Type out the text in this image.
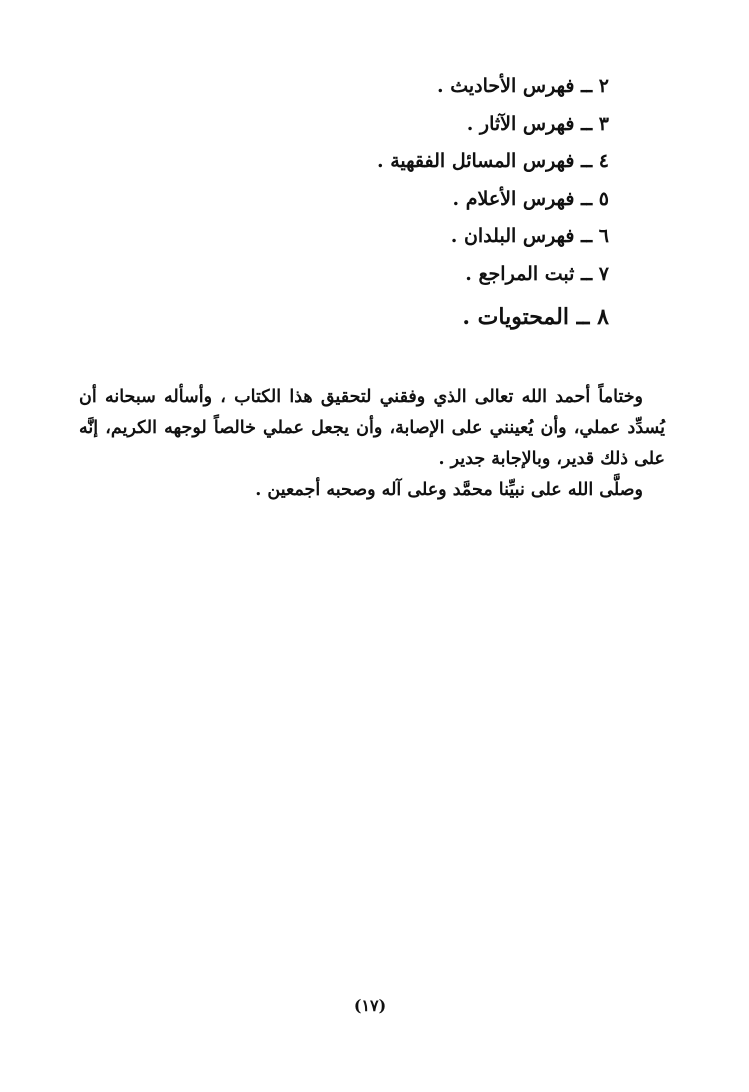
٢ ــ فهرس الأحاديث .
٣ ــ فهرس الآثار .
٤ ــ فهرس المسائل الفقهية .
٥ ــ فهرس الأعلام .
٦ ــ فهرس البلدان .
٧ ــ ثبت المراجع .
٨ ــ المحتويات .

وختاماً أحمد الله تعالى الذي وفقني لتحقيق هذا الكتاب ، وأسأله سبحانه أن يُسدِّد عملي، وأن يُعينني على الإصابة، وأن يجعل عملي خالصاً لوجهه الكريم، إنَّه على ذلك قدير، وبالإجابة جدير .

وصلَّى الله على نبيِّنا محمَّد وعلى آله وصحبه أجمعين .

(١٧)
